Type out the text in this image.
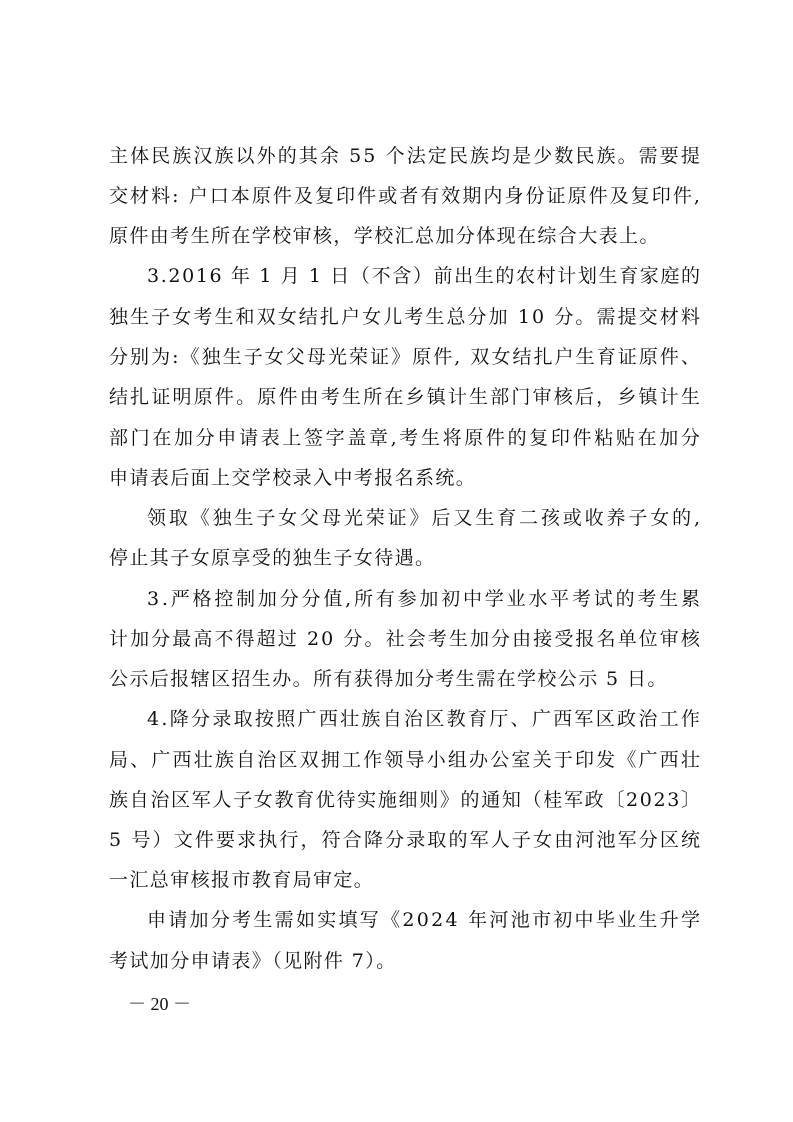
主体民族汉族以外的其余 55 个法定民族均是少数民族。需要提
交材料: 户口本原件及复印件或者有效期内身份证原件及复印件,
原件由考生所在学校审核，学校汇总加分体现在综合大表上。
3.2016 年 1 月 1 日（不含）前出生的农村计划生育家庭的
独生子女考生和双女结扎户女儿考生总分加 10 分。需提交材料
分别为:《独生子女父母光荣证》原件, 双女结扎户生育证原件、
结扎证明原件。原件由考生所在乡镇计生部门审核后，乡镇计生
部门在加分申请表上签字盖章,考生将原件的复印件粘贴在加分
申请表后面上交学校录入中考报名系统。
领取《独生子女父母光荣证》后又生育二孩或收养子女的,
停止其子女原享受的独生子女待遇。
3.严格控制加分分值,所有参加初中学业水平考试的考生累
计加分最高不得超过 20 分。社会考生加分由接受报名单位审核
公示后报辖区招生办。所有获得加分考生需在学校公示 5 日。
4.降分录取按照广西壮族自治区教育厅、广西军区政治工作
局、广西壮族自治区双拥工作领导小组办公室关于印发《广西壮
族自治区军人子女教育优待实施细则》的通知（桂军政〔2023〕
5 号）文件要求执行，符合降分录取的军人子女由河池军分区统
一汇总审核报市教育局审定。
申请加分考生需如实填写《2024 年河池市初中毕业生升学
考试加分申请表》（见附件 7）。
－ 20 －
